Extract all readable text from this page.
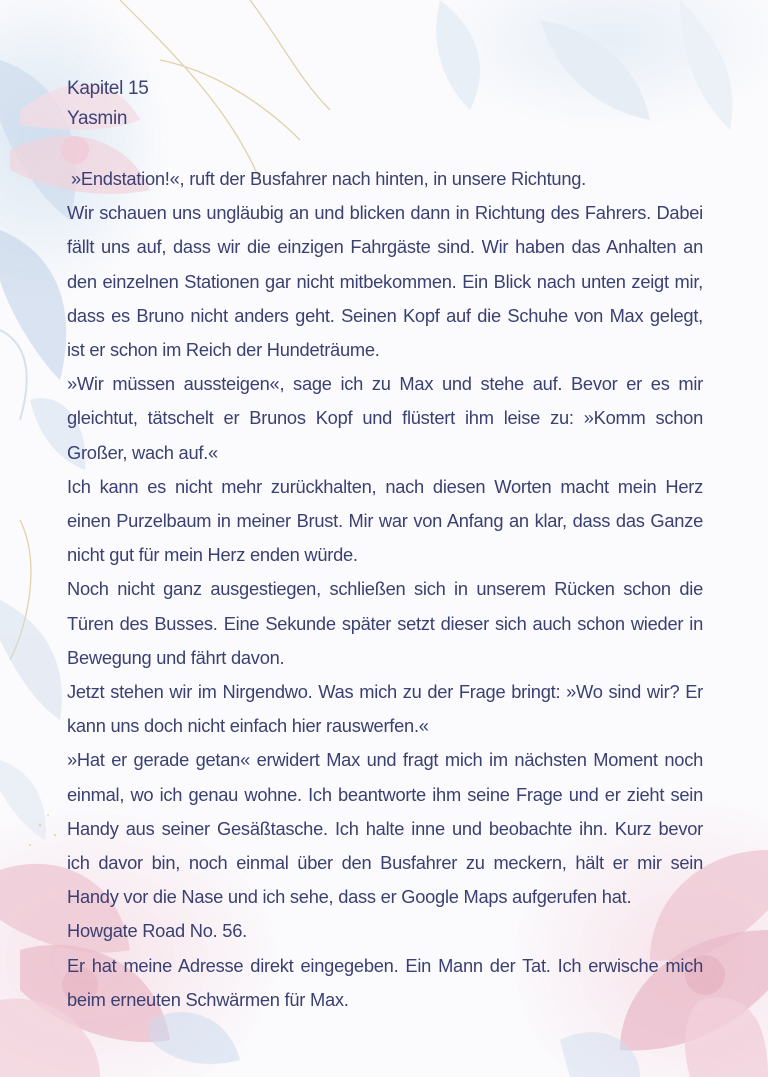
Kapitel 15
Yasmin

»Endstation!«, ruft der Busfahrer nach hinten, in unsere Richtung.

Wir schauen uns ungläubig an und blicken dann in Richtung des Fahrers. Dabei fällt uns auf, dass wir die einzigen Fahrgäste sind. Wir haben das Anhalten an den einzelnen Stationen gar nicht mitbekommen. Ein Blick nach unten zeigt mir, dass es Bruno nicht anders geht. Seinen Kopf auf die Schuhe von Max gelegt, ist er schon im Reich der Hundeträume.

»Wir müssen aussteigen«, sage ich zu Max und stehe auf. Bevor er es mir gleichtut, tätschelt er Brunos Kopf und flüstert ihm leise zu: »Komm schon Großer, wach auf.«

Ich kann es nicht mehr zurückhalten, nach diesen Worten macht mein Herz einen Purzelbaum in meiner Brust. Mir war von Anfang an klar, dass das Ganze nicht gut für mein Herz enden würde.

Noch nicht ganz ausgestiegen, schließen sich in unserem Rücken schon die Türen des Busses. Eine Sekunde später setzt dieser sich auch schon wieder in Bewegung und fährt davon.

Jetzt stehen wir im Nirgendwo. Was mich zu der Frage bringt: »Wo sind wir? Er kann uns doch nicht einfach hier rauswerfen.«

»Hat er gerade getan« erwidert Max und fragt mich im nächsten Moment noch einmal, wo ich genau wohne. Ich beantworte ihm seine Frage und er zieht sein Handy aus seiner Gesäßtasche. Ich halte inne und beobachte ihn. Kurz bevor ich davor bin, noch einmal über den Busfahrer zu meckern, hält er mir sein Handy vor die Nase und ich sehe, dass er Google Maps aufgerufen hat.

Howgate Road No. 56.

Er hat meine Adresse direkt eingegeben. Ein Mann der Tat. Ich erwische mich beim erneuten Schwärmen für Max.
